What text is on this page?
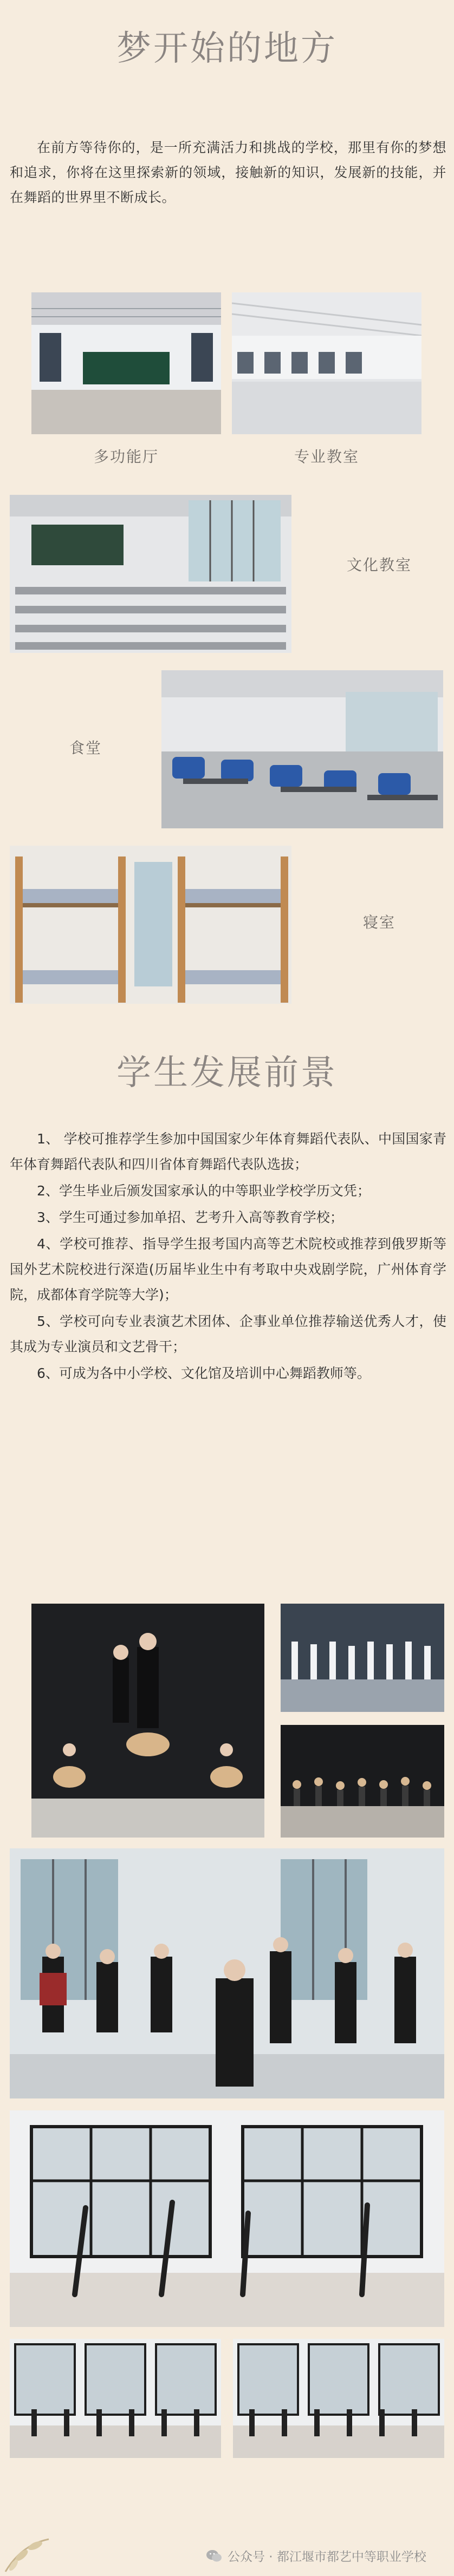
梦开始的地方
在前方等待你的，是一所充满活力和挑战的学校，那里有你的梦想和追求，你将在这里探索新的领域，接触新的知识，发展新的技能，并在舞蹈的世界里不断成长。
多功能厅	专业教室
文化教室
食堂
寝室
学生发展前景

1、 学校可推荐学生参加中国国家少年体育舞蹈代表队、中国国家青年体育舞蹈代表队和四川省体育舞蹈代表队选拔；

2、学生毕业后颁发国家承认的中等职业学校学历文凭；

3、学生可通过参加单招、艺考升入高等教育学校；

4、学校可推荐、指导学生报考国内高等艺术院校或推荐到俄罗斯等国外艺术院校进行深造(历届毕业生中有考取中央戏剧学院，广州体育学院，成都体育学院等大学)；

5、学校可向专业表演艺术团体、企事业单位推荐输送优秀人才，使其成为专业演员和文艺骨干；

6、可成为各中小学校、文化馆及培训中心舞蹈教师等。

公众号 · 都江堰市都艺中等职业学校
